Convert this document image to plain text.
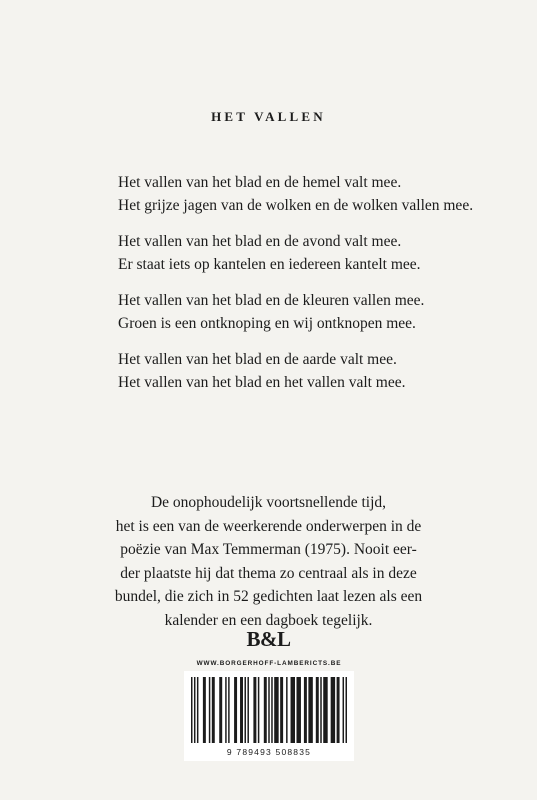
HET VALLEN
Het vallen van het blad en de hemel valt mee.
Het grijze jagen van de wolken en de wolken vallen mee.
Het vallen van het blad en de avond valt mee.
Er staat iets op kantelen en iedereen kantelt mee.
Het vallen van het blad en de kleuren vallen mee.
Groen is een ontknoping en wij ontknopen mee.
Het vallen van het blad en de aarde valt mee.
Het vallen van het blad en het vallen valt mee.
De onophoudelijk voortsnellende tijd,
het is een van de weerkerende onderwerpen in de
poëzie van Max Temmerman (1975). Nooit eer-
der plaatste hij dat thema zo centraal als in deze
bundel, die zich in 52 gedichten laat lezen als een
kalender en een dagboek tegelijk.
B&L
WWW.BORGERHOFF-LAMBERICTS.BE
9 789493 508835
